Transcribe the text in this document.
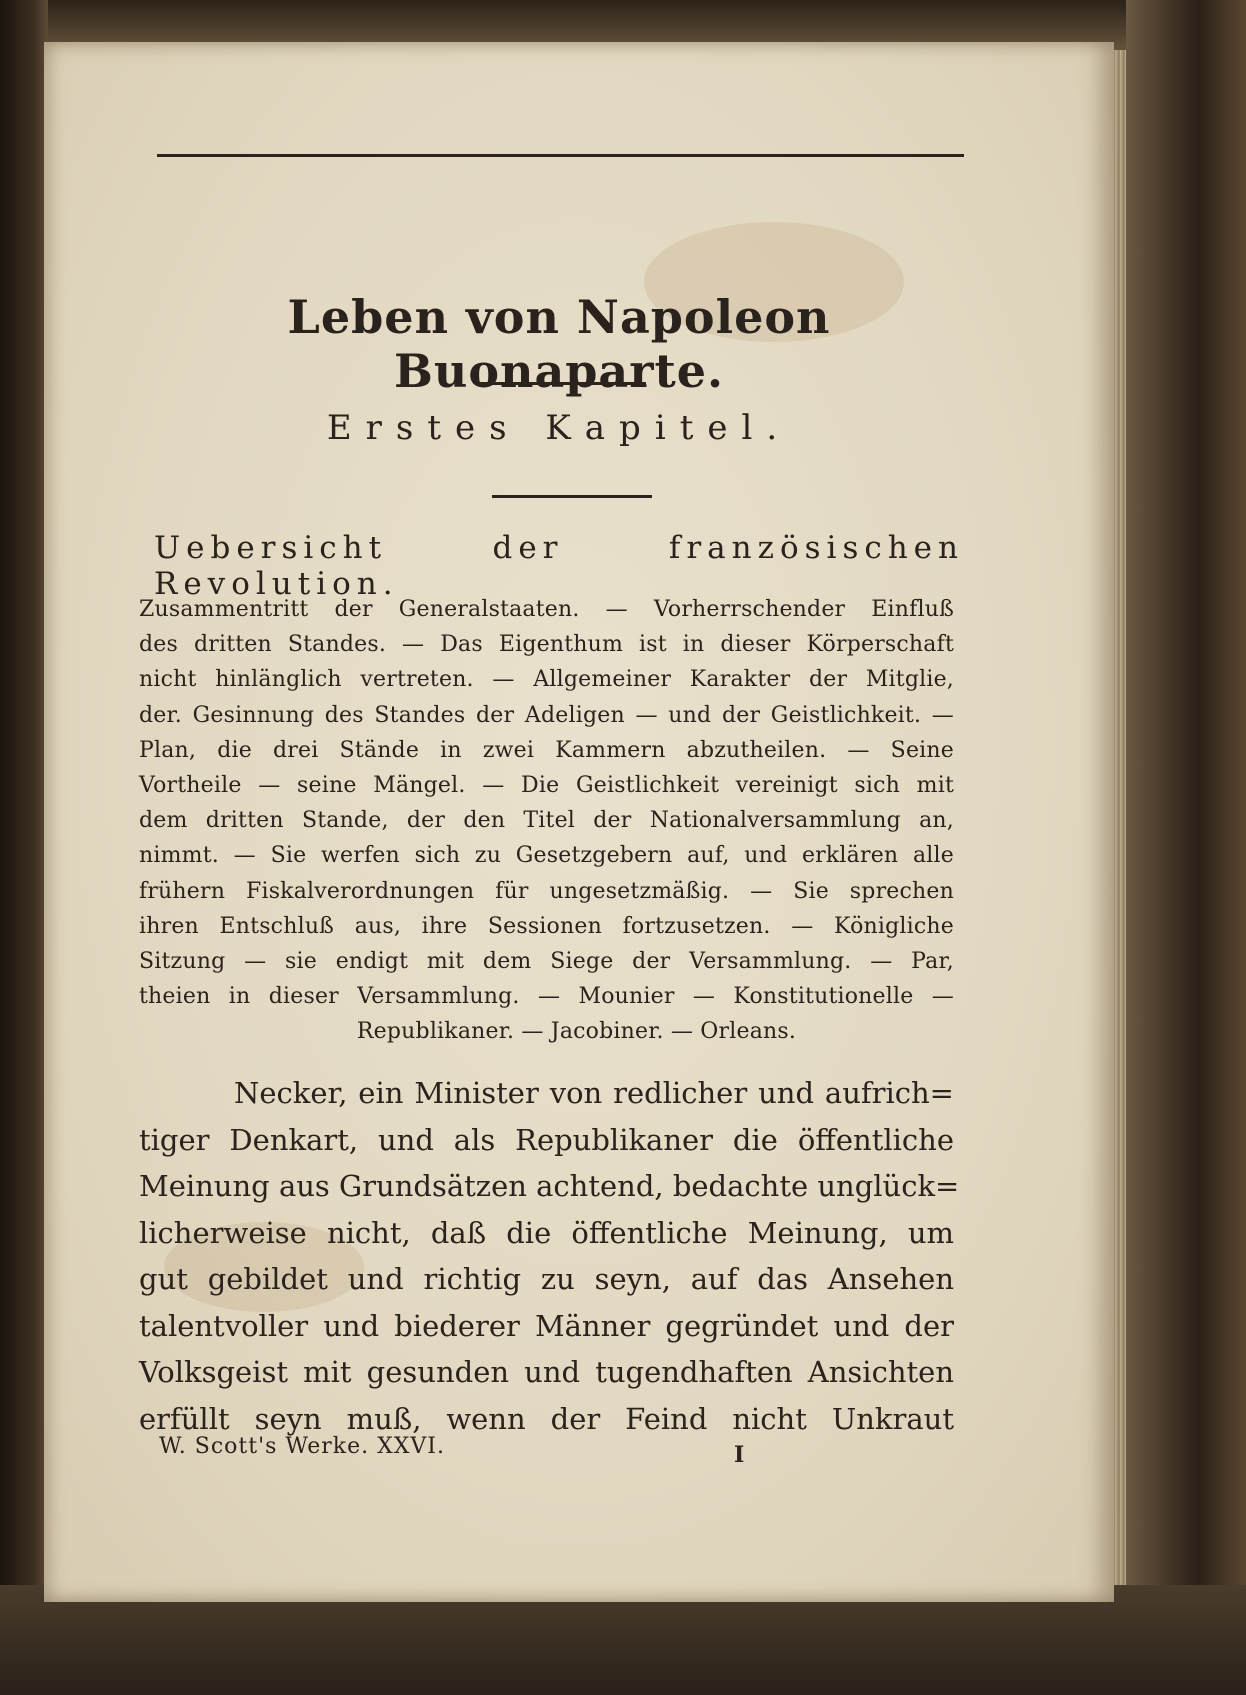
Leben von Napoleon Buonaparte.
Erstes Kapitel.
Uebersicht der französischen Revolution.
Zusammentritt der Generalstaaten. — Vorherrschender Einfluß
des dritten Standes. — Das Eigenthum ist in dieser Körperschaft
nicht hinlänglich vertreten. — Allgemeiner Karakter der Mitglie,
der. Gesinnung des Standes der Adeligen — und der Geistlichkeit. —
Plan, die drei Stände in zwei Kammern abzutheilen. — Seine
Vortheile — seine Mängel. — Die Geistlichkeit vereinigt sich mit
dem dritten Stande, der den Titel der Nationalversammlung an,
nimmt. — Sie werfen sich zu Gesetzgebern auf, und erklären alle
frühern Fiskalverordnungen für ungesetzmäßig. — Sie sprechen
ihren Entschluß aus, ihre Sessionen fortzusetzen. — Königliche
Sitzung — sie endigt mit dem Siege der Versammlung. — Par,
theien in dieser Versammlung. — Mounier — Konstitutionelle —
Republikaner. — Jacobiner. — Orleans.
Necker, ein Minister von redlicher und aufrich=
tiger Denkart, und als Republikaner die öffentliche
Meinung aus Grundsätzen achtend, bedachte unglück=
licherweise nicht, daß die öffentliche Meinung, um
gut gebildet und richtig zu seyn, auf das Ansehen
talentvoller und biederer Männer gegründet und der
Volksgeist mit gesunden und tugendhaften Ansichten
erfüllt seyn muß, wenn der Feind nicht Unkraut
W. Scott's Werke. XXVI.	I
